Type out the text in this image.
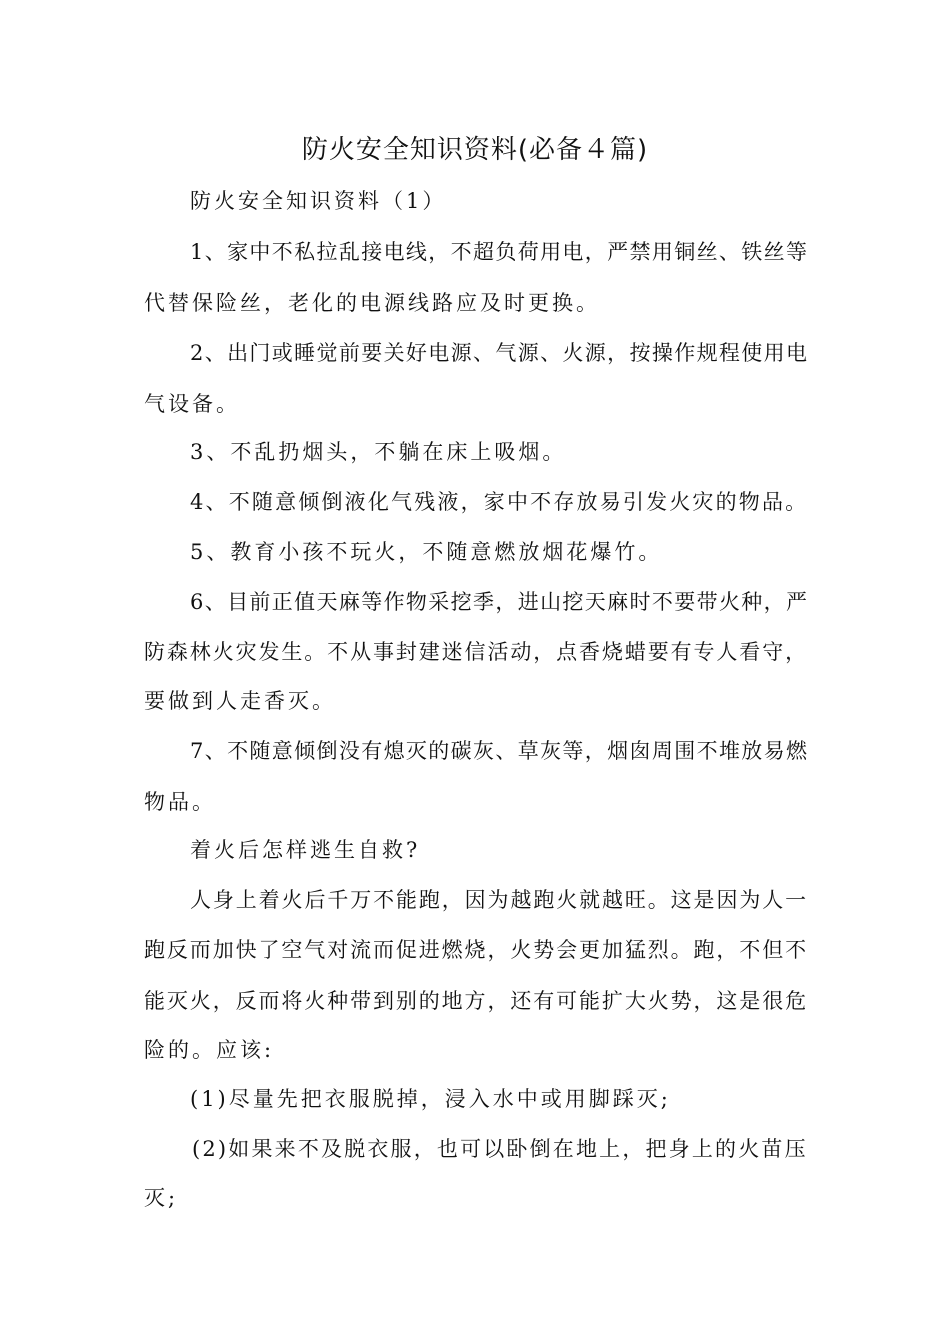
防火安全知识资料(必备４篇)
防火安全知识资料（1）
1、家中不私拉乱接电线，不超负荷用电，严禁用铜丝、铁丝等
代替保险丝，老化的电源线路应及时更换。
2、出门或睡觉前要关好电源、气源、火源，按操作规程使用电
气设备。
3、不乱扔烟头，不躺在床上吸烟。
4、不随意倾倒液化气残液，家中不存放易引发火灾的物品。
5、教育小孩不玩火，不随意燃放烟花爆竹。
6、目前正值天麻等作物采挖季，进山挖天麻时不要带火种，严
防森林火灾发生。不从事封建迷信活动，点香烧蜡要有专人看守，
要做到人走香灭。
7、不随意倾倒没有熄灭的碳灰、草灰等，烟囱周围不堆放易燃
物品。
着火后怎样逃生自救?
人身上着火后千万不能跑，因为越跑火就越旺。这是因为人一
跑反而加快了空气对流而促进燃烧，火势会更加猛烈。跑，不但不
能灭火，反而将火种带到别的地方，还有可能扩大火势，这是很危
险的。应该:
(1)尽量先把衣服脱掉，浸入水中或用脚踩灭;
(2)如果来不及脱衣服，也可以卧倒在地上，把身上的火苗压
灭;
